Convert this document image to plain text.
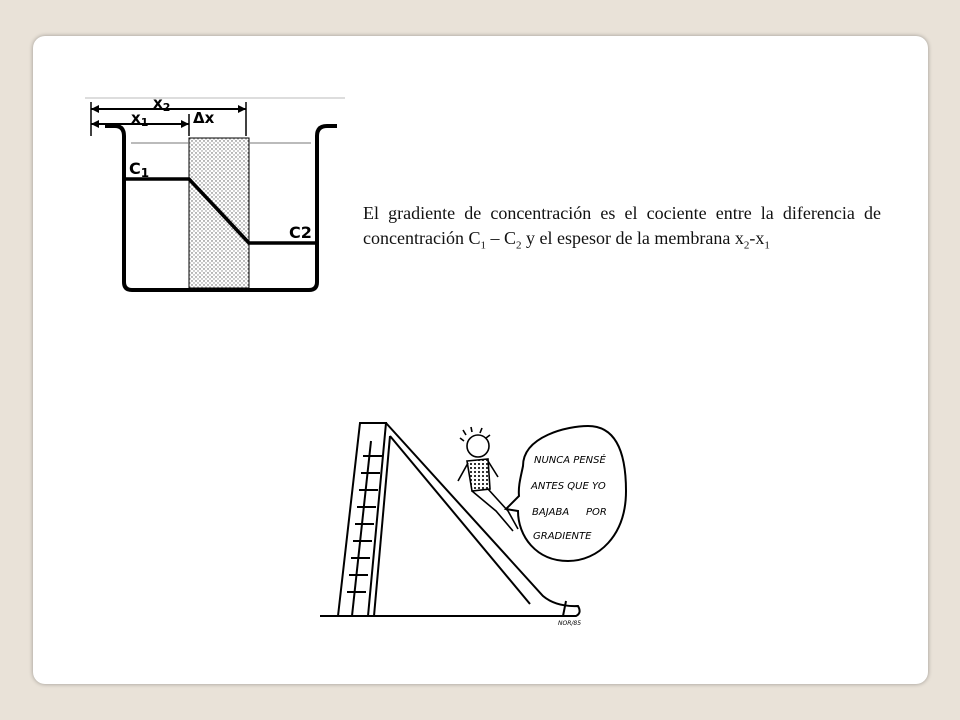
$x_2$
$x_1$	Δx
C1
C2

El gradiente de concentración es el cociente entre la diferencia de concentración $C_1 - C_2$ y el espesor de la membrana $x_2-x_1$

NUNCA PENSÉ
ANTES QUE YO
BAJABA POR
GRADIENTE
NOR/85
